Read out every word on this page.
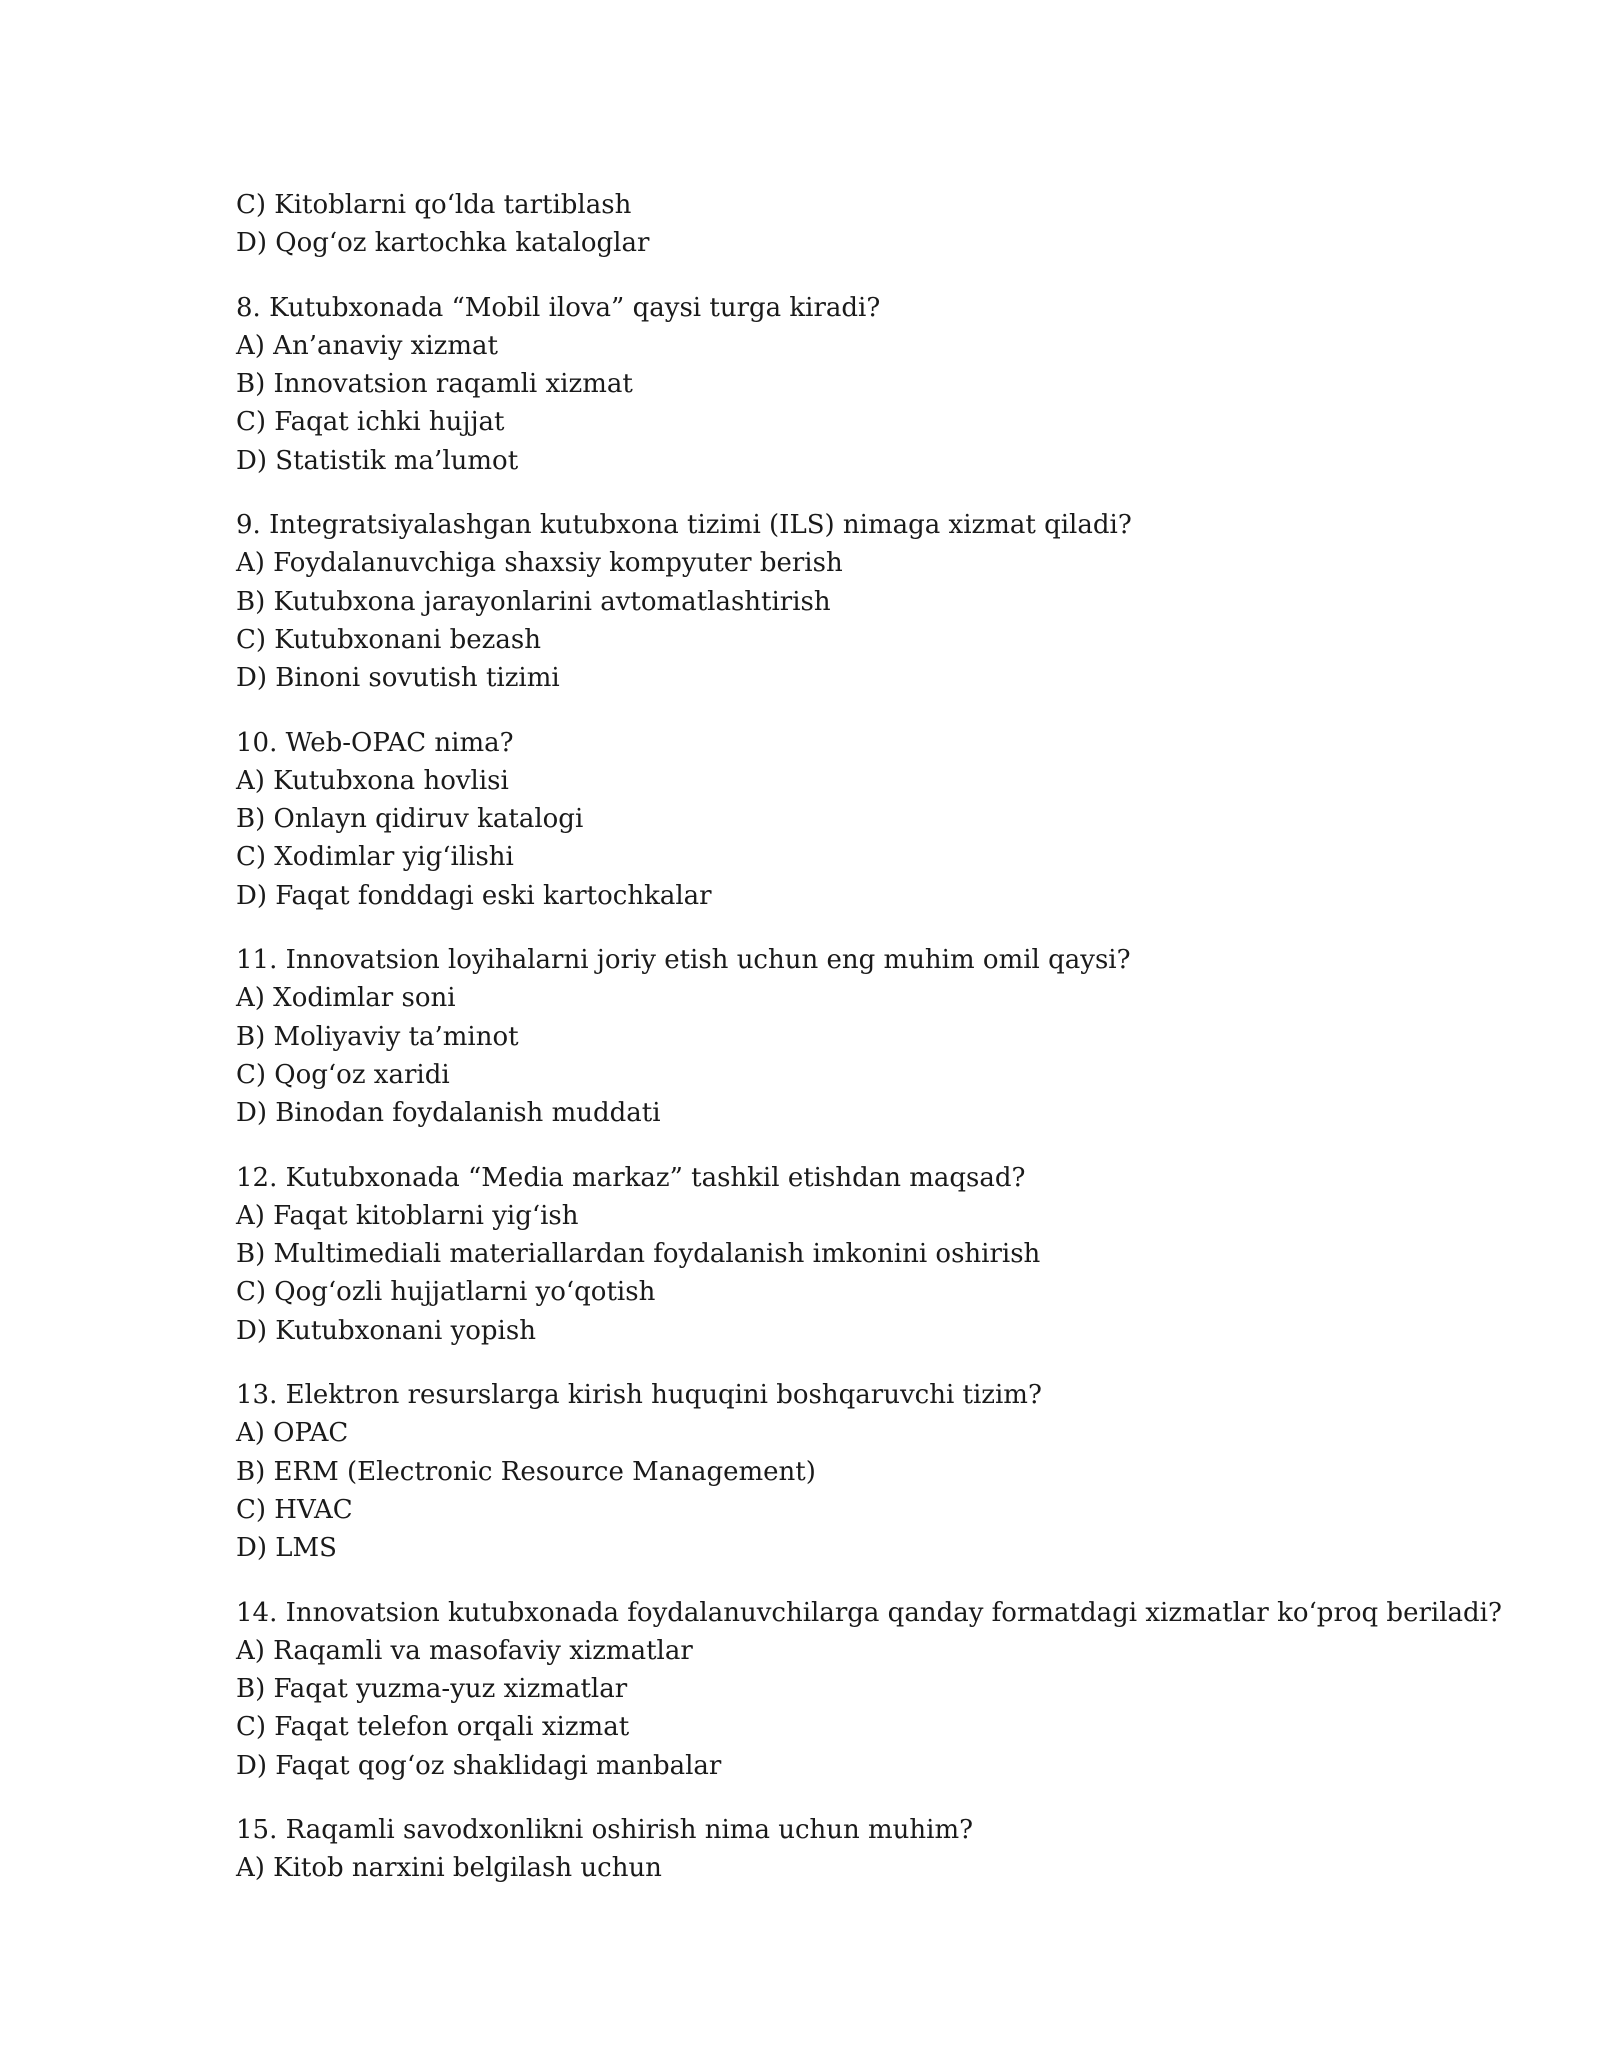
C) Kitoblarni qo‘lda tartiblash

D) Qog‘oz kartochka kataloglar

8. Kutubxonada “Mobil ilova” qaysi turga kiradi?

A) An’anaviy xizmat

B) Innovatsion raqamli xizmat

C) Faqat ichki hujjat

D) Statistik ma’lumot

9. Integratsiyalashgan kutubxona tizimi (ILS) nimaga xizmat qiladi?

A) Foydalanuvchiga shaxsiy kompyuter berish

B) Kutubxona jarayonlarini avtomatlashtirish

C) Kutubxonani bezash

D) Binoni sovutish tizimi

10. Web-OPAC nima?

A) Kutubxona hovlisi

B) Onlayn qidiruv katalogi

C) Xodimlar yig‘ilishi

D) Faqat fonddagi eski kartochkalar

11. Innovatsion loyihalarni joriy etish uchun eng muhim omil qaysi?

A) Xodimlar soni

B) Moliyaviy ta’minot

C) Qog‘oz xaridi

D) Binodan foydalanish muddati

12. Kutubxonada “Media markaz” tashkil etishdan maqsad?

A) Faqat kitoblarni yig‘ish

B) Multimediali materiallardan foydalanish imkonini oshirish

C) Qog‘ozli hujjatlarni yo‘qotish

D) Kutubxonani yopish

13. Elektron resurslarga kirish huquqini boshqaruvchi tizim?

A) OPAC

B) ERM (Electronic Resource Management)

C) HVAC

D) LMS

14. Innovatsion kutubxonada foydalanuvchilarga qanday formatdagi xizmatlar ko‘proq beriladi?

A) Raqamli va masofaviy xizmatlar

B) Faqat yuzma-yuz xizmatlar

C) Faqat telefon orqali xizmat

D) Faqat qog‘oz shaklidagi manbalar

15. Raqamli savodxonlikni oshirish nima uchun muhim?

A) Kitob narxini belgilash uchun
